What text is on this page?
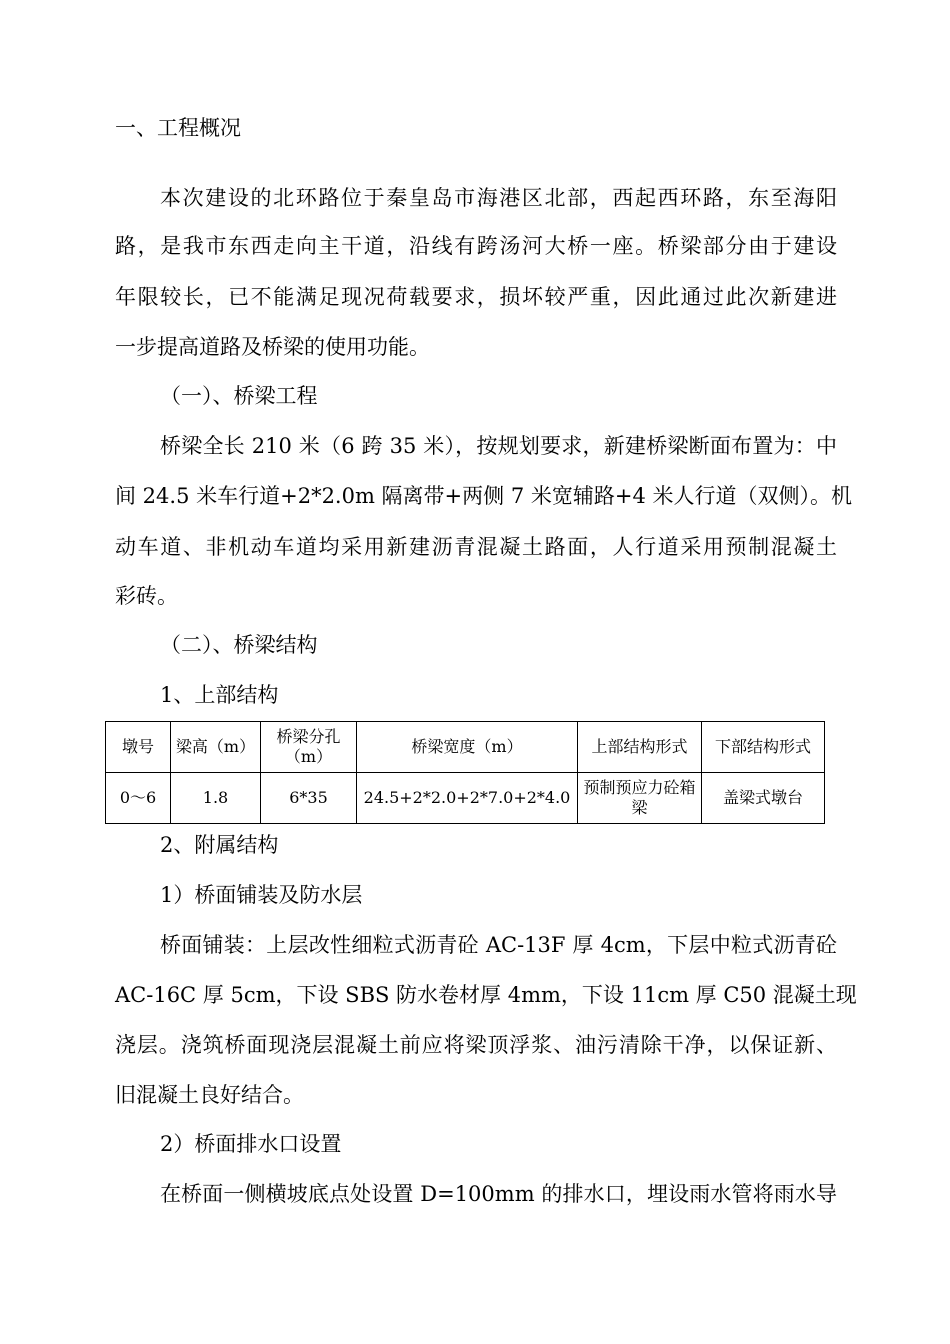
一、工程概况
本次建设的北环路位于秦皇岛市海港区北部，西起西环路，东至海阳
路，是我市东西走向主干道，沿线有跨汤河大桥一座。桥梁部分由于建设
年限较长，已不能满足现况荷载要求，损坏较严重，因此通过此次新建进
一步提高道路及桥梁的使用功能。
（一）、桥梁工程
桥梁全长 210 米（6 跨 35 米），按规划要求，新建桥梁断面布置为：中
间 24.5 米车行道+2*2.0m 隔离带+两侧 7 米宽辅路+4 米人行道（双侧）。机
动车道、非机动车道均采用新建沥青混凝土路面，人行道采用预制混凝土
彩砖。
（二）、桥梁结构
1、上部结构
墩号	梁高（m）	桥梁分孔（m）	桥梁宽度（m）	上部结构形式	下部结构形式
0～6	1.8	6*35	24.5+2*2.0+2*7.0+2*4.0	预制预应力砼箱梁	盖梁式墩台
2、附属结构
1）桥面铺装及防水层
桥面铺装：上层改性细粒式沥青砼 AC-13F 厚 4cm，下层中粒式沥青砼
AC-16C 厚 5cm，下设 SBS 防水卷材厚 4mm，下设 11cm 厚 C50 混凝土现
浇层。浇筑桥面现浇层混凝土前应将梁顶浮浆、油污清除干净，以保证新、
旧混凝土良好结合。
2）桥面排水口设置
在桥面一侧横坡底点处设置 D=100mm 的排水口，埋设雨水管将雨水导
